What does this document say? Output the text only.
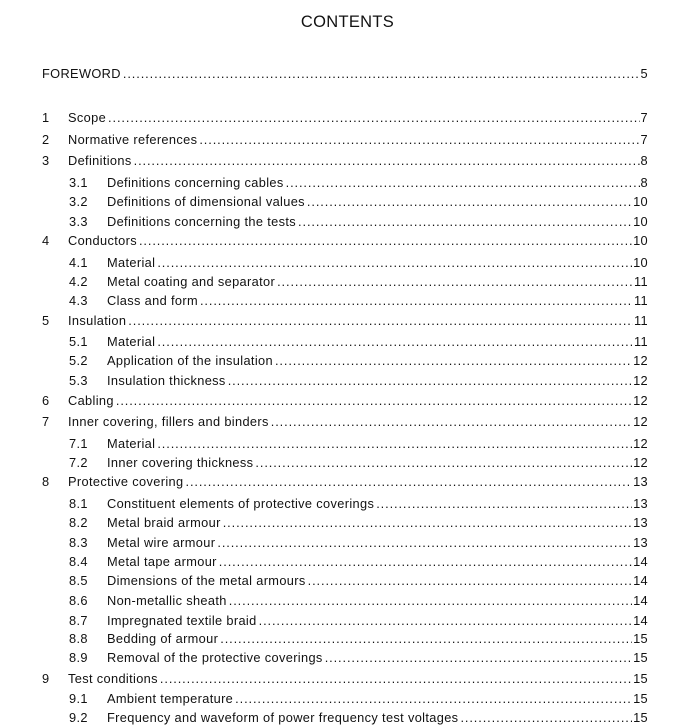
CONTENTS
FOREWORD .....	5
1	Scope .....	7
2	Normative references .....	7
3	Definitions .....	8
3.1	Definitions concerning cables .....	8
3.2	Definitions of dimensional values .....	10
3.3	Definitions concerning the tests .....	10
4	Conductors .....	10
4.1	Material .....	10
4.2	Metal coating and separator .....	11
4.3	Class and form .....	11
5	Insulation .....	11
5.1	Material .....	11
5.2	Application of the insulation .....	12
5.3	Insulation thickness .....	12
6	Cabling .....	12
7	Inner covering, fillers and binders .....	12
7.1	Material .....	12
7.2	Inner covering thickness .....	12
8	Protective covering .....	13
8.1	Constituent elements of protective coverings .....	13
8.2	Metal braid armour .....	13
8.3	Metal wire armour .....	13
8.4	Metal tape armour .....	14
8.5	Dimensions of the metal armours .....	14
8.6	Non-metallic sheath .....	14
8.7	Impregnated textile braid .....	14
8.8	Bedding of armour .....	15
8.9	Removal of the protective coverings .....	15
9	Test conditions .....	15
9.1	Ambient temperature .....	15
9.2	Frequency and waveform of power frequency test voltages .....	15
